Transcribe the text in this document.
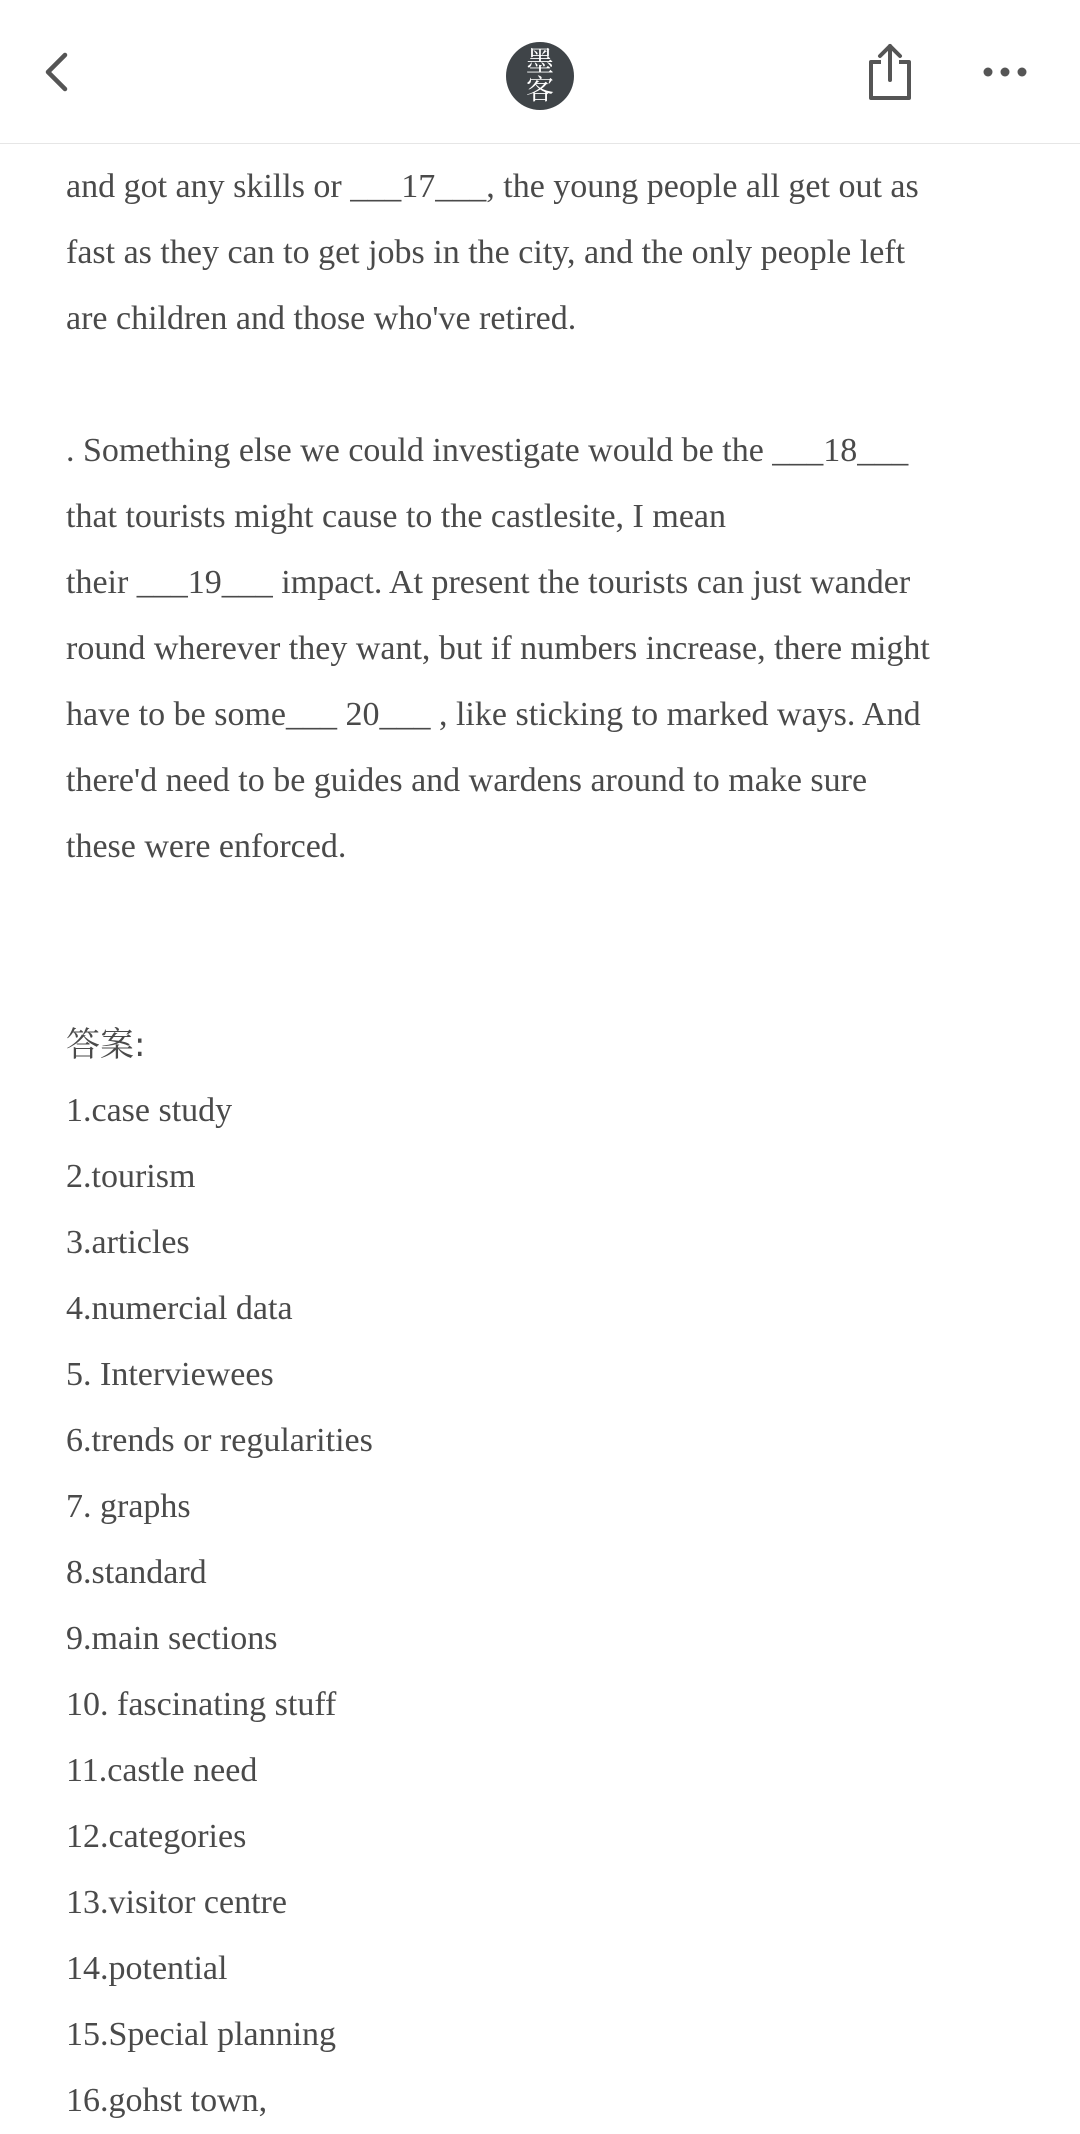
墨
客

and got any skills or ___17___, the young people all get out as

fast as they can to get jobs in the city, and the only people left

are children and those who've retired.

. Something else we could investigate would be the ___18___

that tourists might cause to the castlesite, I mean

their ___19___ impact. At present the tourists can just wander

round wherever they want, but if numbers increase, there might

have to be some___ 20___ , like sticking to marked ways. And

there'd need to be guides and wardens around to make sure

these were enforced.

答案:

1.case study
2.tourism
3.articles
4.numercial data
5. Interviewees
6.trends or regularities
7. graphs
8.standard
9.main sections
10. fascinating stuff
11.castle need
12.categories
13.visitor centre
14.potential
15.Special planning
16.gohst town,
